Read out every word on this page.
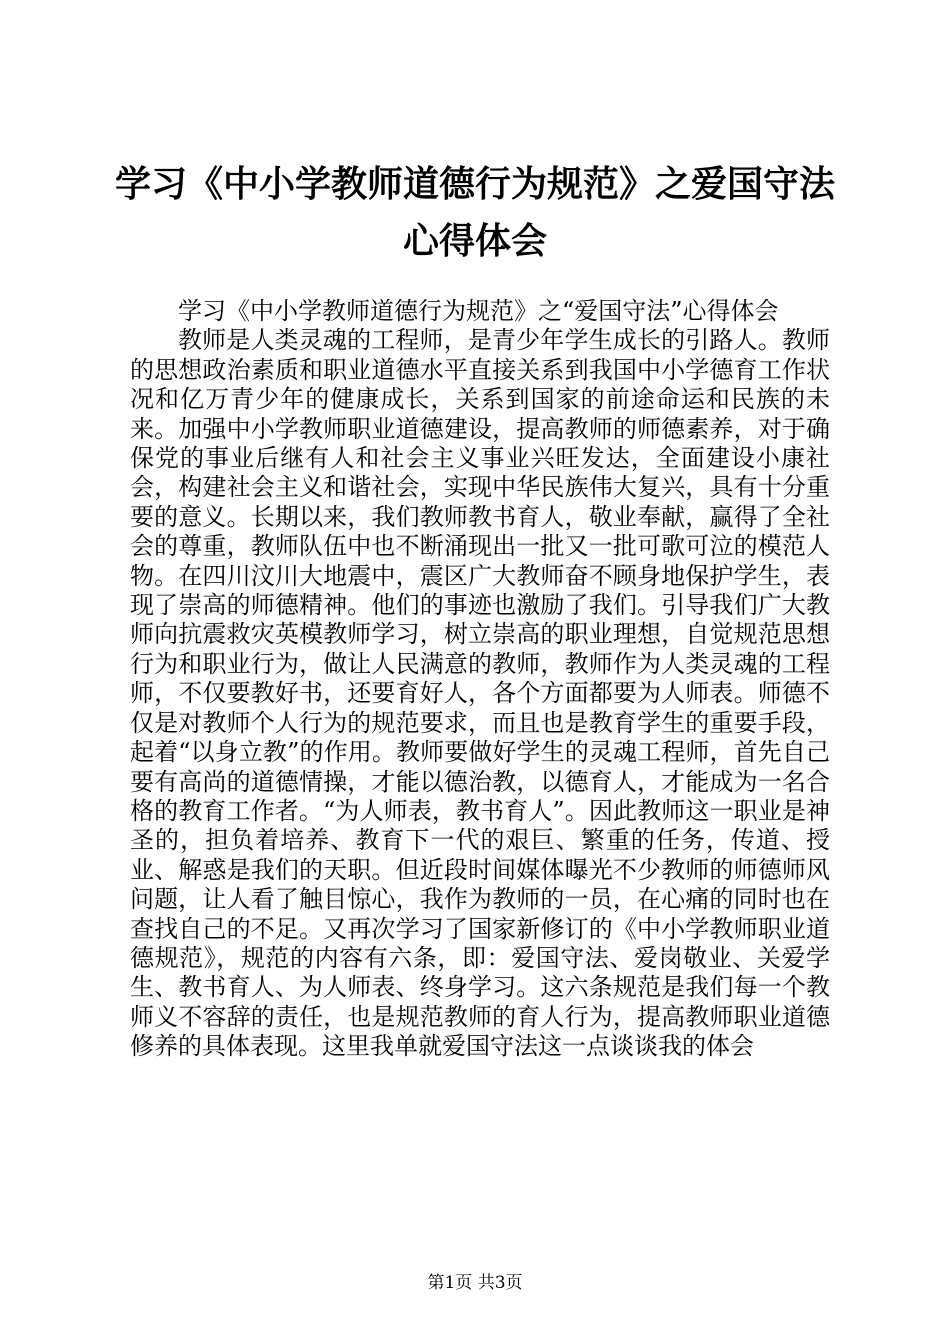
学习《中小学教师道德行为规范》之爱国守法
心得体会

学习《中小学教师道德行为规范》之“爱国守法”心得体会

教师是人类灵魂的工程师，是青少年学生成长的引路人。教师的思想政治素质和职业道德水平直接关系到我国中小学德育工作状况和亿万青少年的健康成长，关系到国家的前途命运和民族的未来。加强中小学教师职业道德建设，提高教师的师德素养，对于确保党的事业后继有人和社会主义事业兴旺发达，全面建设小康社会，构建社会主义和谐社会，实现中华民族伟大复兴，具有十分重要的意义。长期以来，我们教师教书育人，敬业奉献，赢得了全社会的尊重，教师队伍中也不断涌现出一批又一批可歌可泣的模范人物。在四川汶川大地震中，震区广大教师奋不顾身地保护学生，表现了崇高的师德精神。他们的事迹也激励了我们。引导我们广大教师向抗震救灾英模教师学习，树立崇高的职业理想，自觉规范思想行为和职业行为，做让人民满意的教师，教师作为人类灵魂的工程师，不仅要教好书，还要育好人，各个方面都要为人师表。师德不仅是对教师个人行为的规范要求，而且也是教育学生的重要手段，起着“以身立教”的作用。教师要做好学生的灵魂工程师，首先自己要有高尚的道德情操，才能以德治教，以德育人，才能成为一名合格的教育工作者。“为人师表，教书育人”。因此教师这一职业是神圣的，担负着培养、教育下一代的艰巨、繁重的任务，传道、授业、解惑是我们的天职。但近段时间媒体曝光不少教师的师德师风问题，让人看了触目惊心，我作为教师的一员，在心痛的同时也在查找自己的不足。又再次学习了国家新修订的《中小学教师职业道德规范》，规范的内容有六条，即：爱国守法、爱岗敬业、关爱学生、教书育人、为人师表、终身学习。这六条规范是我们每一个教师义不容辞的责任，也是规范教师的育人行为，提高教师职业道德修养的具体表现。这里我单就爱国守法这一点谈谈我的体会

第1页 共3页
